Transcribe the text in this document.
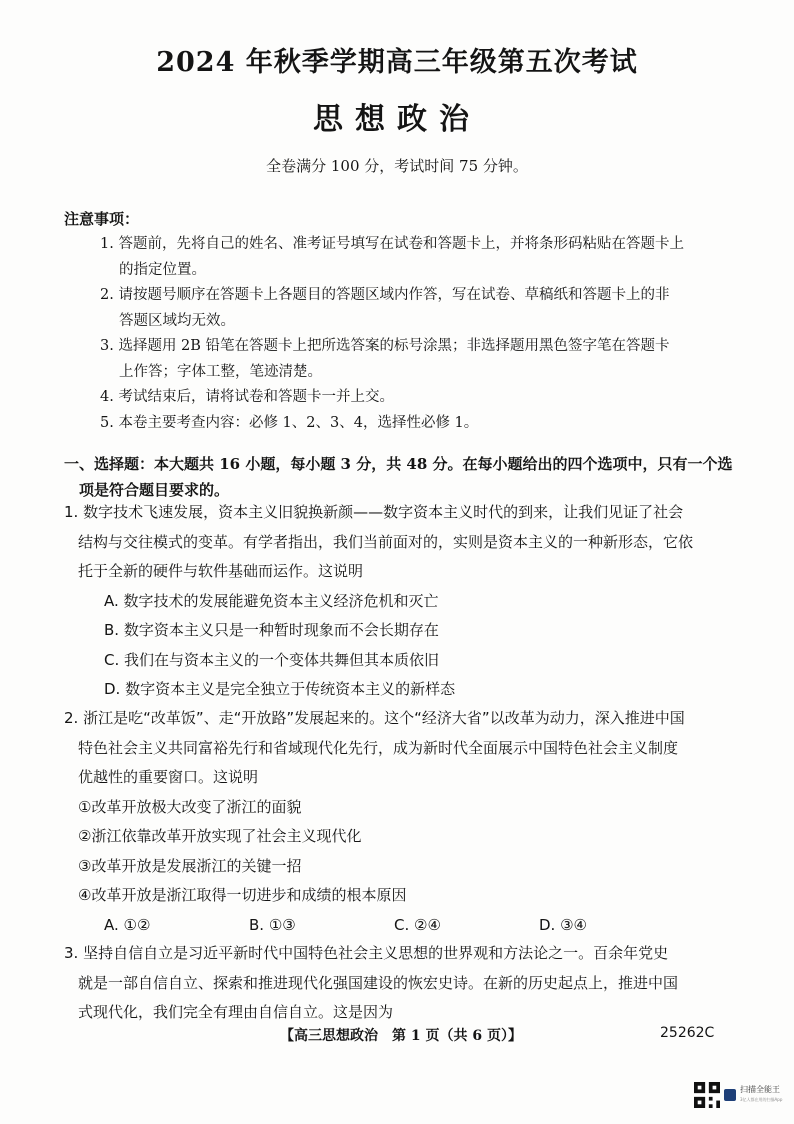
2024 年秋季学期高三年级第五次考试
思想政治
全卷满分 100 分，考试时间 75 分钟。
注意事项：
1. 答题前，先将自己的姓名、准考证号填写在试卷和答题卡上，并将条形码粘贴在答题卡上
的指定位置。
2. 请按题号顺序在答题卡上各题目的答题区域内作答，写在试卷、草稿纸和答题卡上的非
答题区域均无效。
3. 选择题用 2B 铅笔在答题卡上把所选答案的标号涂黑；非选择题用黑色签字笔在答题卡
上作答；字体工整，笔迹清楚。
4. 考试结束后，请将试卷和答题卡一并上交。
5. 本卷主要考查内容：必修 1、2、3、4，选择性必修 1。
一、选择题：本大题共 16 小题，每小题 3 分，共 48 分。在每小题给出的四个选项中，只有一个选
项是符合题目要求的。
1. 数字技术飞速发展，资本主义旧貌换新颜——数字资本主义时代的到来，让我们见证了社会
结构与交往模式的变革。有学者指出，我们当前面对的，实则是资本主义的一种新形态，它依
托于全新的硬件与软件基础而运作。这说明
A. 数字技术的发展能避免资本主义经济危机和灭亡
B. 数字资本主义只是一种暂时现象而不会长期存在
C. 我们在与资本主义的一个变体共舞但其本质依旧
D. 数字资本主义是完全独立于传统资本主义的新样态
2. 浙江是吃“改革饭”、走“开放路”发展起来的。这个“经济大省”以改革为动力，深入推进中国
特色社会主义共同富裕先行和省域现代化先行，成为新时代全面展示中国特色社会主义制度
优越性的重要窗口。这说明
①改革开放极大改变了浙江的面貌
②浙江依靠改革开放实现了社会主义现代化
③改革开放是发展浙江的关键一招
④改革开放是浙江取得一切进步和成绩的根本原因
A. ①②	B. ①③	C. ②④	D. ③④
3. 坚持自信自立是习近平新时代中国特色社会主义思想的世界观和方法论之一。百余年党史
就是一部自信自立、探索和推进现代化强国建设的恢宏史诗。在新的历史起点上，推进中国
式现代化，我们完全有理由自信自立。这是因为
【高三思想政治　第 1 页（共 6 页）】	25262C
扫描全能王
3亿人都在用的扫描App
